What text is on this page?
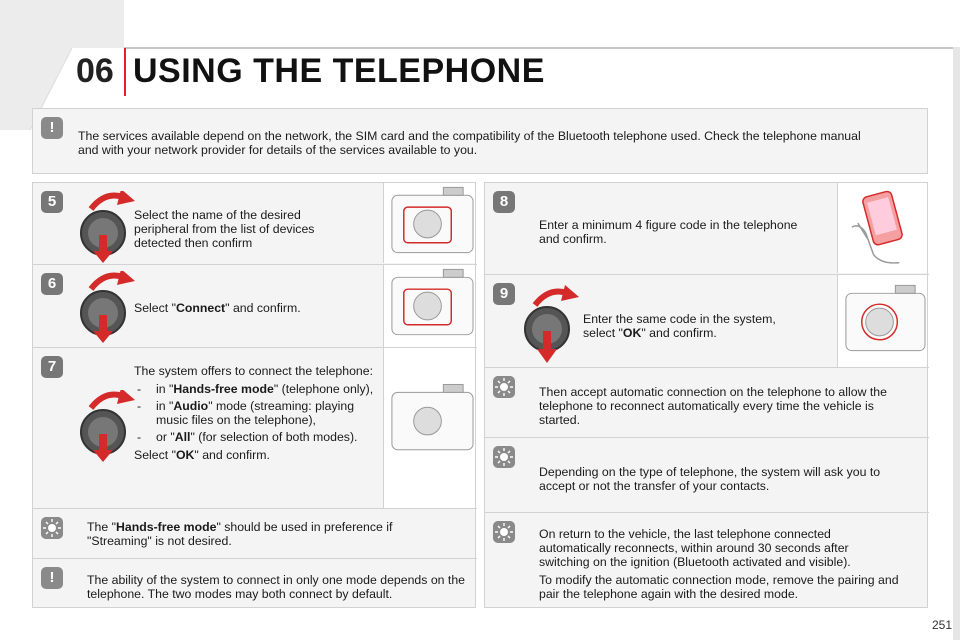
06 USING THE TELEPHONE
!	The services available depend on the network, the SIM card and the compatibility of the Bluetooth telephone used. Check the telephone manual and with your network provider for details of the services available to you.
5
Select the name of the desired peripheral from the list of devices detected then confirm
6
Select "Connect" and confirm.
7	The system offers to connect the telephone:
- in "Hands-free mode" (telephone only),
- in "Audio" mode (streaming: playing music files on the telephone),
- or "All" (for selection of both modes).
Select "OK" and confirm.
The "Hands-free mode" should be used in preference if "Streaming" is not desired.
!	The ability of the system to connect in only one mode depends on the telephone. The two modes may both connect by default.
8
Enter a minimum 4 figure code in the telephone and confirm.
9
Enter the same code in the system,
select "OK" and confirm.
Then accept automatic connection on the telephone to allow the telephone to reconnect automatically every time the vehicle is started.
Depending on the type of telephone, the system will ask you to accept or not the transfer of your contacts.
On return to the vehicle, the last telephone connected automatically reconnects, within around 30 seconds after switching on the ignition (Bluetooth activated and visible).
To modify the automatic connection mode, remove the pairing and pair the telephone again with the desired mode.
251
